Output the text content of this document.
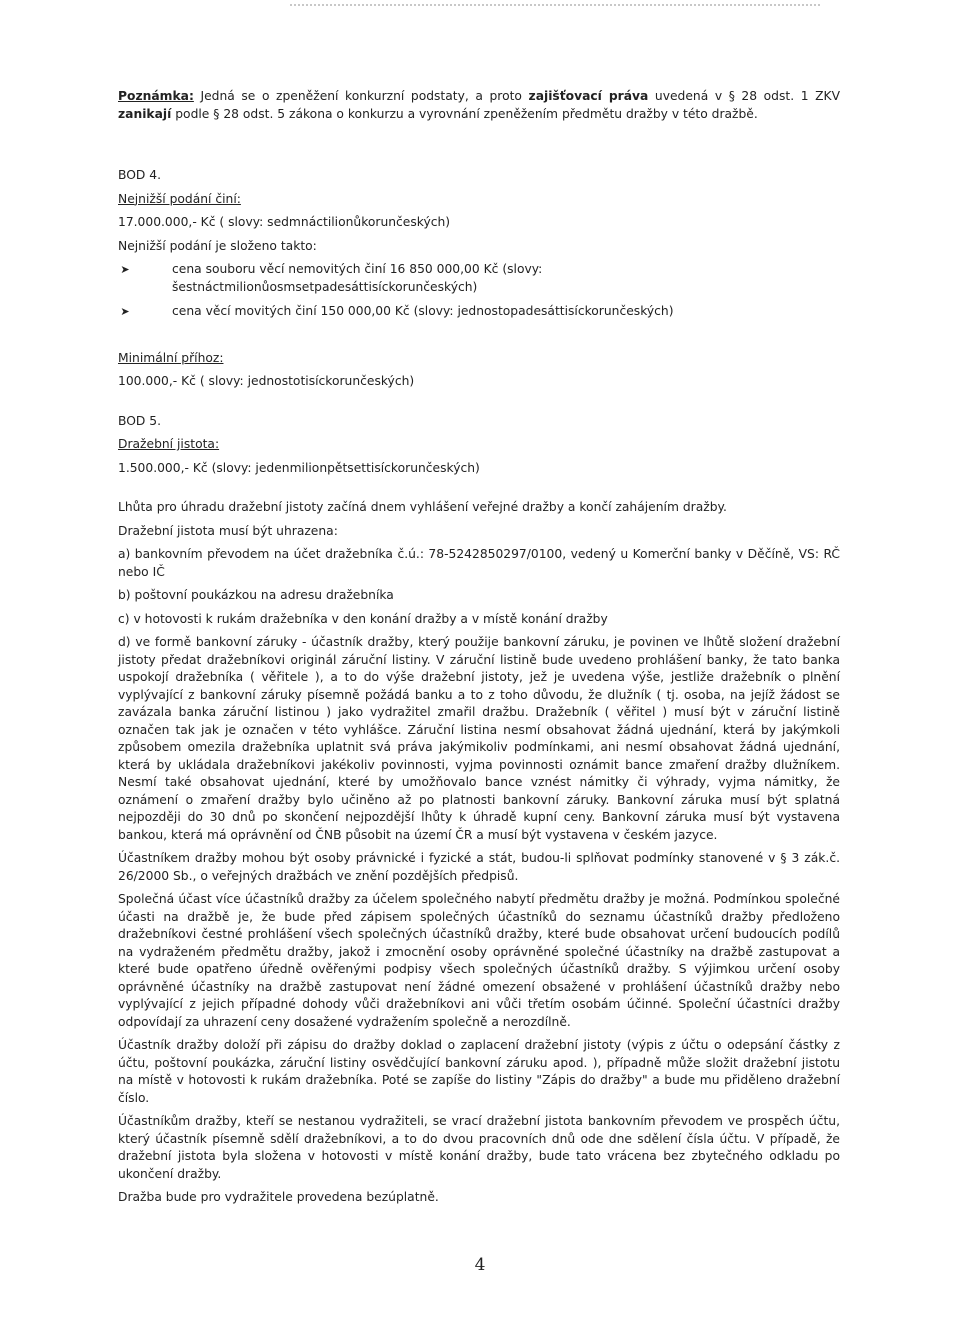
Poznámka: Jedná se o zpeněžení konkurzní podstaty, a proto zajišťovací práva uvedená v § 28 odst. 1 ZKV zanikají podle § 28 odst. 5 zákona o konkurzu a vyrovnání zpeněžením předmětu dražby v této dražbě.

BOD 4.

Nejnižší podání činí:

17.000.000,- Kč ( slovy: sedmnáctilionůkorunčeských)

Nejnižší podání je složeno takto:

➤	cena souboru věcí nemovitých činí 16 850 000,00 Kč (slovy: šestnáctmilionůosmsetpadesáttisíckorunčeských)
➤	cena věcí movitých činí 150 000,00 Kč (slovy: jednostopadesáttisíckorunčeských)

Minimální příhoz:

100.000,- Kč ( slovy: jednostotisíckorunčeských)

BOD 5.

Dražební jistota:

1.500.000,- Kč (slovy: jedenmilionpětsettisíckorunčeských)

Lhůta pro úhradu dražební jistoty začíná dnem vyhlášení veřejné dražby a končí zahájením dražby.

Dražební jistota musí být uhrazena:

a) bankovním převodem na účet dražebníka č.ú.: 78-5242850297/0100, vedený u Komerční banky v Děčíně, VS: RČ nebo IČ

b) poštovní poukázkou na adresu dražebníka

c) v hotovosti k rukám dražebníka v den konání dražby a v místě konání dražby

d) ve formě bankovní záruky - účastník dražby, který použije bankovní záruku, je povinen ve lhůtě složení dražební jistoty předat dražebníkovi originál záruční listiny. V záruční listině bude uvedeno prohlášení banky, že tato banka uspokojí dražebníka ( věřitele ), a to do výše dražební jistoty, jež je uvedena výše, jestliže dražebník o plnění vyplývající z bankovní záruky písemně požádá banku a to z toho důvodu, že dlužník ( tj. osoba, na jejíž žádost se zavázala banka záruční listinou ) jako vydražitel zmařil dražbu. Dražebník ( věřitel ) musí být v záruční listině označen tak jak je označen v této vyhlášce. Záruční listina nesmí obsahovat žádná ujednání, která by jakýmkoli způsobem omezila dražebníka uplatnit svá práva jakýmikoliv podmínkami, ani nesmí obsahovat žádná ujednání, která by ukládala dražebníkovi jakékoliv povinnosti, vyjma povinnosti oznámit bance zmaření dražby dlužníkem. Nesmí také obsahovat ujednání, které by umožňovalo bance vznést námitky či výhrady, vyjma námitky, že oznámení o zmaření dražby bylo učiněno až po platnosti bankovní záruky. Bankovní záruka musí být splatná nejpozději do 30 dnů po skončení nejpozdější lhůty k úhradě kupní ceny. Bankovní záruka musí být vystavena bankou, která má oprávnění od ČNB působit na území ČR a musí být vystavena v českém jazyce.

Účastníkem dražby mohou být osoby právnické i fyzické a stát, budou-li splňovat podmínky stanovené v § 3 zák.č. 26/2000 Sb., o veřejných dražbách ve znění pozdějších předpisů.

Společná účast více účastníků dražby za účelem společného nabytí předmětu dražby je možná. Podmínkou společné účasti na dražbě je, že bude před zápisem společných účastníků do seznamu účastníků dražby předloženo dražebníkovi čestné prohlášení všech společných účastníků dražby, které bude obsahovat určení budoucích podílů na vydraženém předmětu dražby, jakož i zmocnění osoby oprávněné společné účastníky na dražbě zastupovat a které bude opatřeno úředně ověřenými podpisy všech společných účastníků dražby. S výjimkou určení osoby oprávněné účastníky na dražbě zastupovat není žádné omezení obsažené v prohlášení účastníků dražby nebo vyplývající z jejich případné dohody vůči dražebníkovi ani vůči třetím osobám účinné. Společní účastníci dražby odpovídají za uhrazení ceny dosažené vydražením společně a nerozdílně.

Účastník dražby doloží při zápisu do dražby doklad o zaplacení dražební jistoty (výpis z účtu o odepsání částky z účtu, poštovní poukázka, záruční listiny osvědčující bankovní záruku apod. ), případně může složit dražební jistotu na místě v hotovosti k rukám dražebníka. Poté se zapíše do listiny "Zápis do dražby" a bude mu přiděleno dražební číslo.

Účastníkům dražby, kteří se nestanou vydražiteli, se vrací dražební jistota bankovním převodem ve prospěch účtu, který účastník písemně sdělí dražebníkovi, a to do dvou pracovních dnů ode dne sdělení čísla účtu. V případě, že dražební jistota byla složena v hotovosti v místě konání dražby, bude tato vrácena bez zbytečného odkladu po ukončení dražby.

Dražba bude pro vydražitele provedena bezúplatně.

4
